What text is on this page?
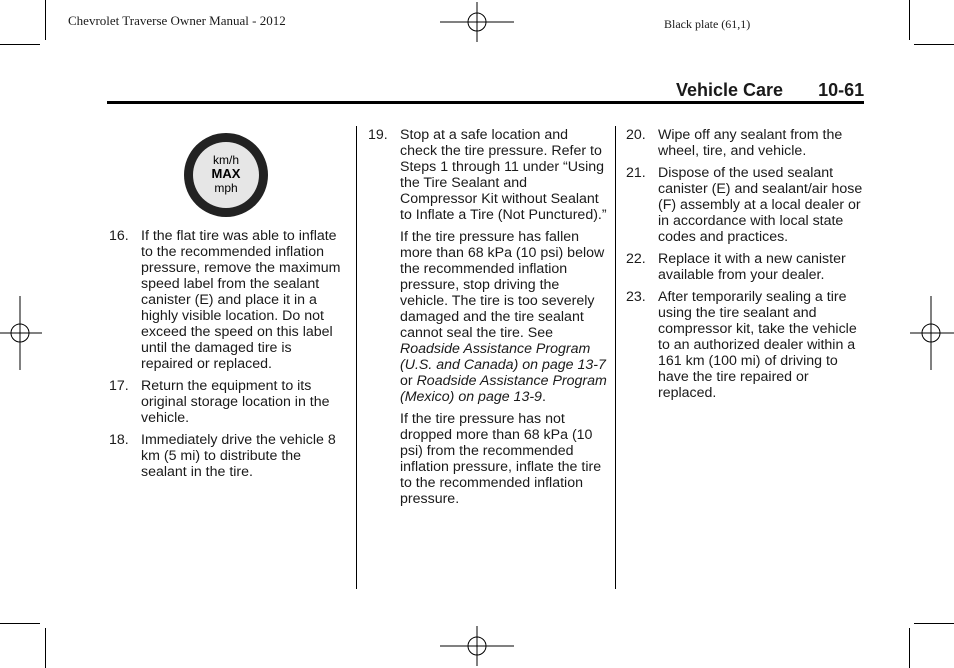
Chevrolet Traverse Owner Manual - 2012	Black plate (61,1)
Vehicle Care 10-61
km/h
MAX
mph
16. If the flat tire was able to inflate to the recommended inflation pressure, remove the maximum speed label from the sealant canister (E) and place it in a highly visible location. Do not exceed the speed on this label until the damaged tire is repaired or replaced.
17. Return the equipment to its original storage location in the vehicle.
18. Immediately drive the vehicle 8 km (5 mi) to distribute the sealant in the tire.
19. Stop at a safe location and check the tire pressure. Refer to Steps 1 through 11 under “Using the Tire Sealant and Compressor Kit without Sealant to Inflate a Tire (Not Punctured).”
If the tire pressure has fallen more than 68 kPa (10 psi) below the recommended inflation pressure, stop driving the vehicle. The tire is too severely damaged and the tire sealant cannot seal the tire. See Roadside Assistance Program (U.S. and Canada) on page 13-7 or Roadside Assistance Program (Mexico) on page 13-9.
If the tire pressure has not dropped more than 68 kPa (10 psi) from the recommended inflation pressure, inflate the tire to the recommended inflation pressure.
20. Wipe off any sealant from the wheel, tire, and vehicle.
21. Dispose of the used sealant canister (E) and sealant/air hose (F) assembly at a local dealer or in accordance with local state codes and practices.
22. Replace it with a new canister available from your dealer.
23. After temporarily sealing a tire using the tire sealant and compressor kit, take the vehicle to an authorized dealer within a 161 km (100 mi) of driving to have the tire repaired or replaced.
